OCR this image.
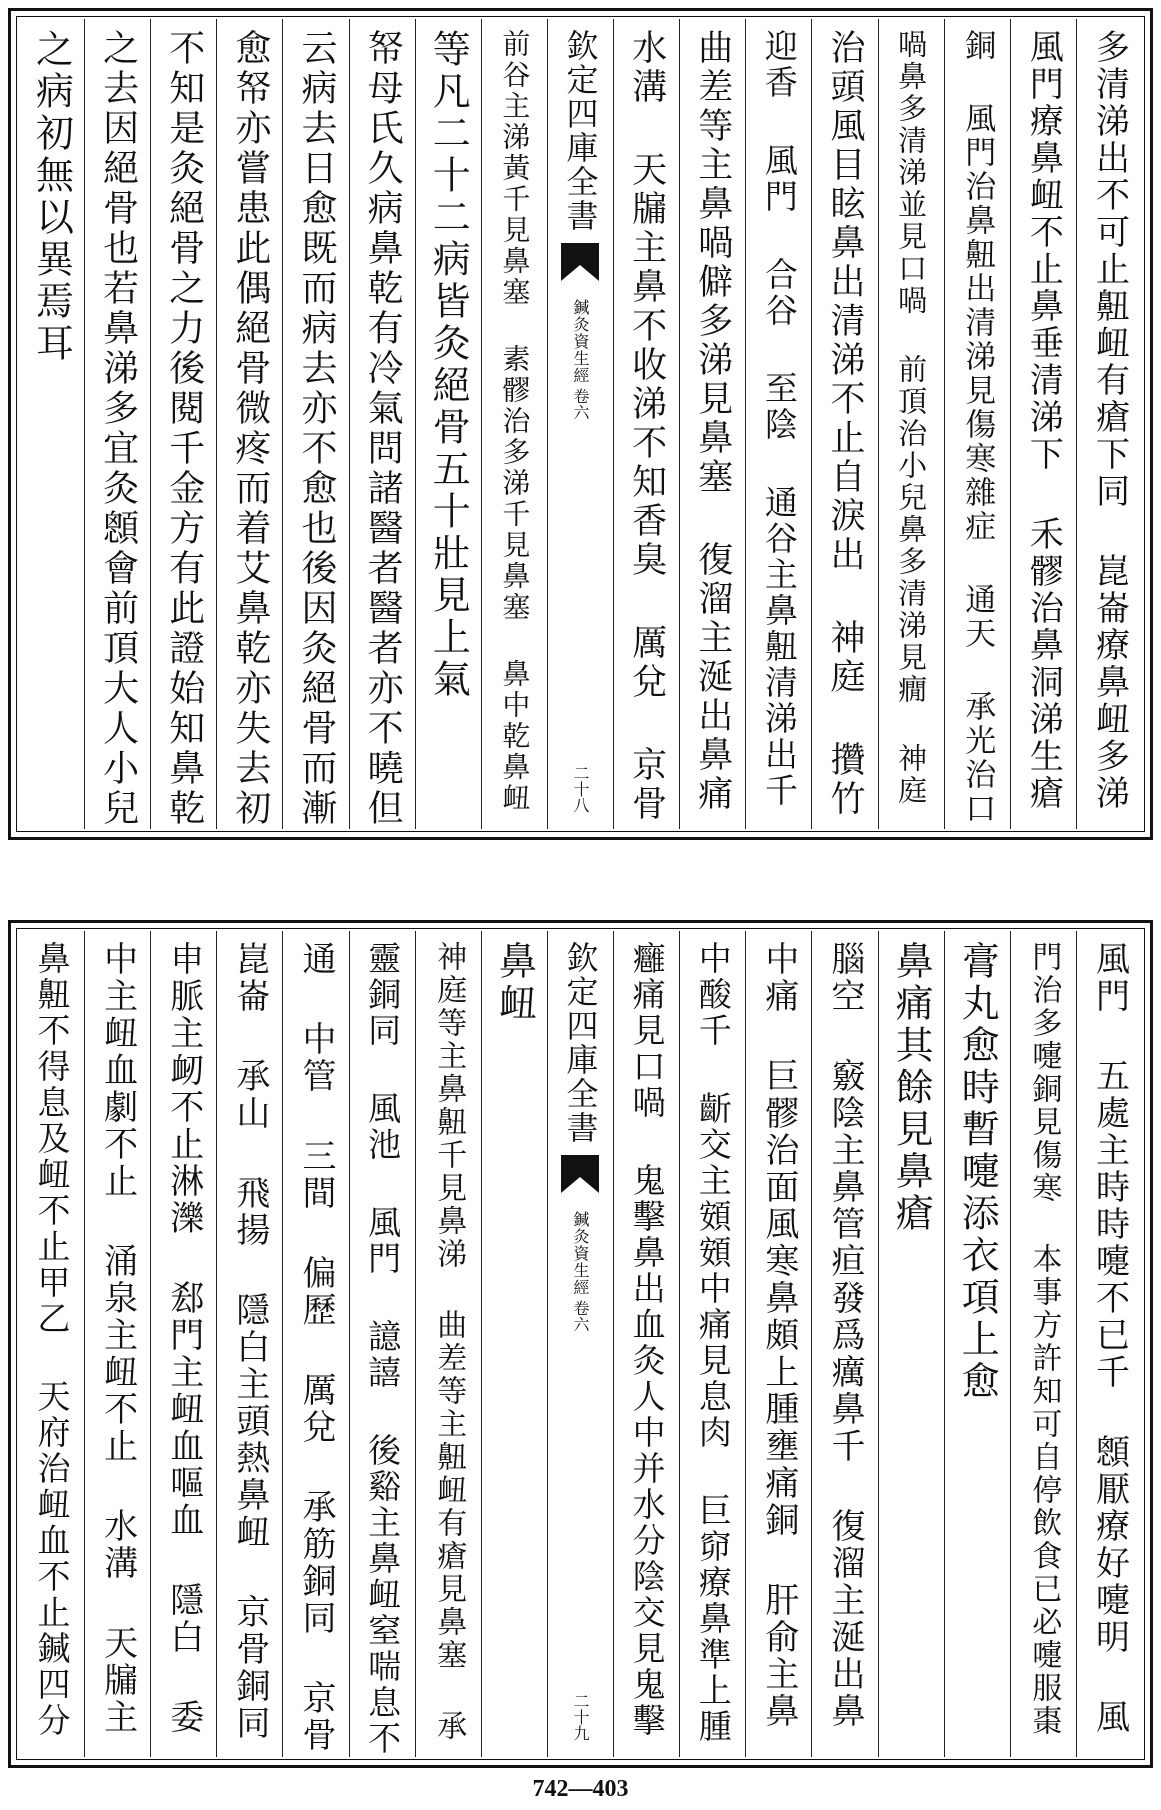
多清涕出不可止䶊衄有瘡下同 崑崙療鼻衄多涕
風門療鼻衄不止鼻垂清涕下 禾髎治鼻洞涕生瘡
銅 風門治鼻䶊出清涕見傷寒雜症 通天 承光治口
喎鼻多清涕並見口喎 前頂治小兒鼻多清涕見癇 神庭
治頭風目眩鼻出清涕不止自淚出 神庭 攢竹
迎香 風門 合谷 至陰 通谷主鼻䶊清涕出千
曲差等主鼻喎僻多涕見鼻塞 復溜主涎出鼻痛
水溝 天牖主鼻不收涕不知香臭 厲兌 京骨
欽定四庫全書
鍼灸資生經
卷六
二十八
前谷主涕黃千見鼻塞 素髎治多涕千見鼻塞 鼻中乾鼻衄
等凡二十二病皆灸絕骨五十壯見上氣
帑母氏久病鼻乾有冷氣問諸醫者醫者亦不曉但
云病去日愈既而病去亦不愈也後因灸絕骨而漸
愈帑亦嘗患此偶絕骨微疼而着艾鼻乾亦失去初
不知是灸絕骨之力後閱千金方有此證始知鼻乾
之去因絕骨也若鼻涕多宜灸顖會前頂大人小兒
之病初無以異焉耳
風門 五處主時時嚏不已千 顖厭療好嚏明 風
門治多嚏銅見傷寒 本事方許知可自停飲食已必嚏服棗
膏丸愈時暫嚏添衣項上愈
鼻痛其餘見鼻瘡
腦空 竅陰主鼻管疸發爲癘鼻千 復溜主涎出鼻
中痛 巨髎治面風寒鼻頗上腫壅痛銅 肝俞主鼻
中酸千 齗交主頞頞中痛見息肉 巨窌療鼻準上腫
癰痛見口喎 鬼擊鼻出血灸人中并水分陰交見鬼擊
欽定四庫全書
鍼灸資生經
卷六
二十九
鼻衄
神庭等主鼻䶊千見鼻涕 曲差等主䶊衄有瘡見鼻塞 承
靈銅同 風池 風門 譩譆 後谿主鼻衄窒喘息不
通 中管 三間 偏歷 厲兌 承筋銅同 京骨
崑崙 承山 飛揚 隱白主頭熱鼻衄 京骨銅同
申脈主衂不止淋濼 郄門主衄血嘔血 隱白 委
中主衄血劇不止 涌泉主衄不止 水溝 天牖主
鼻䶊不得息及衄不止甲乙 天府治衄血不止鍼四分
742—403
